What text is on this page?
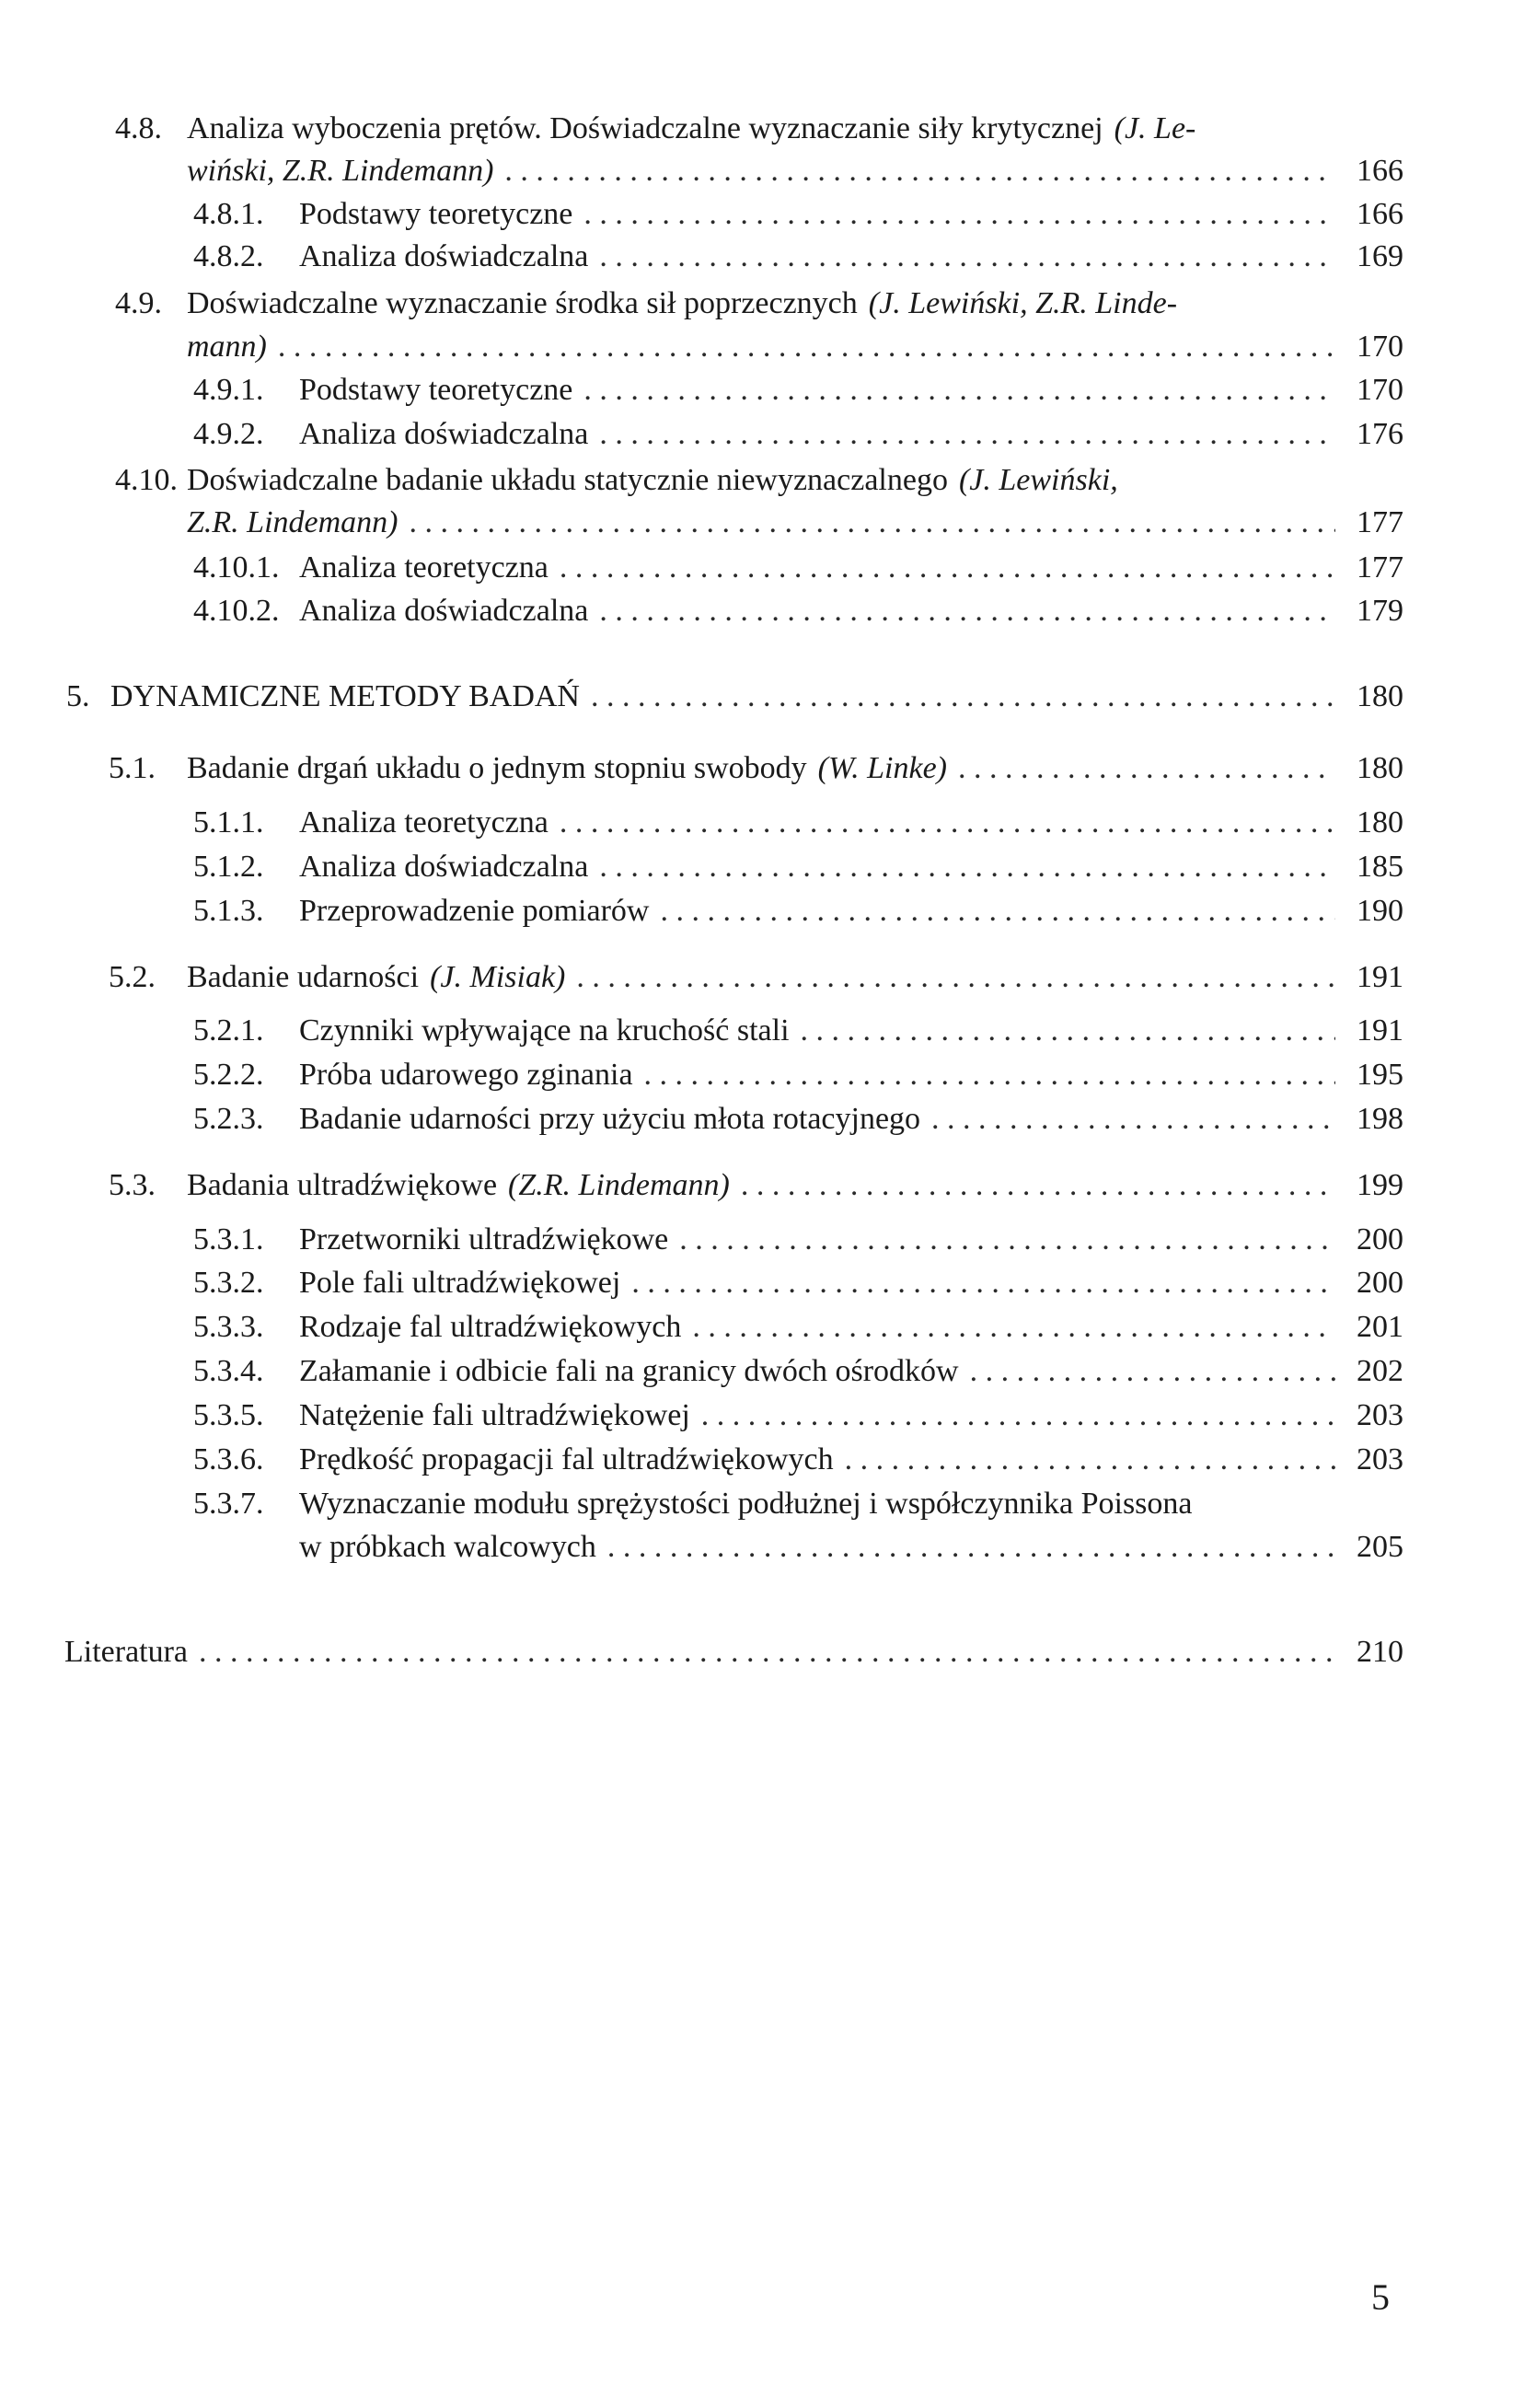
4.8. Analiza wyboczenia prętów. Doświadczalne wyznaczanie siły krytycznej (J. Le-
wiński, Z.R. Lindemann) . . .	166
4.8.1.	Podstawy teoretyczne . . .	166
4.8.2.	Analiza doświadczalna . . .	169
4.9. Doświadczalne wyznaczanie środka sił poprzecznych (J. Lewiński, Z.R. Linde-
mann) . . .	170
4.9.1.	Podstawy teoretyczne . . .	170
4.9.2.	Analiza doświadczalna . . .	176
4.10. Doświadczalne badanie układu statycznie niewyznaczalnego (J. Lewiński,
Z.R. Lindemann) . . .	177
4.10.1. Analiza teoretyczna . . .	177
4.10.2. Analiza doświadczalna . . .	179
5. DYNAMICZNE METODY BADAŃ . . .	180
5.1.	Badanie drgań układu o jednym stopniu swobody (W. Linke) . . .	180
5.1.1.	Analiza teoretyczna . . .	180
5.1.2.	Analiza doświadczalna . . .	185
5.1.3.	Przeprowadzenie pomiarów . . .	190
5.2.	Badanie udarności (J. Misiak) . . .	191
5.2.1.	Czynniki wpływające na kruchość stali . . .	191
5.2.2.	Próba udarowego zginania . . .	195
5.2.3.	Badanie udarności przy użyciu młota rotacyjnego . . .	198
5.3.	Badania ultradźwiękowe (Z.R. Lindemann) . . .	199
5.3.1.	Przetworniki ultradźwiękowe . . .	200
5.3.2.	Pole fali ultradźwiękowej . . .	200
5.3.3.	Rodzaje fal ultradźwiękowych . . .	201
5.3.4.	Załamanie i odbicie fali na granicy dwóch ośrodków . . .	202
5.3.5.	Natężenie fali ultradźwiękowej . . .	203
5.3.6.	Prędkość propagacji fal ultradźwiękowych . . .	203
5.3.7.	Wyznaczanie modułu sprężystości podłużnej i współczynnika Poissona
w próbkach walcowych . . .	205
Literatura . . .	210
5
